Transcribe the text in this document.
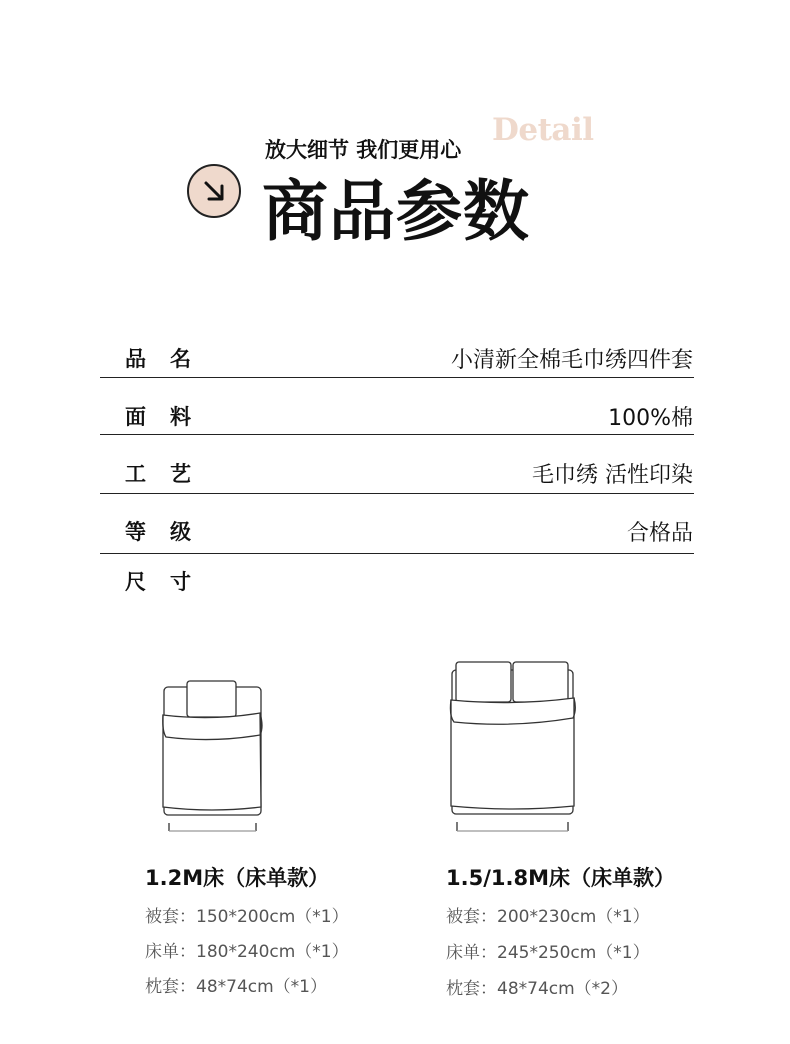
放大细节 我们更用心
Detail
商品参数
品名	小清新全棉毛巾绣四件套
面料	100%棉
工艺	毛巾绣 活性印染
等级	合格品
尺寸
1.2M床（床单款）
被套：150*200cm（*1）
床单：180*240cm（*1）
枕套：48*74cm（*1）
1.5/1.8M床（床单款）
被套：200*230cm（*1）
床单：245*250cm（*1）
枕套：48*74cm（*2）
